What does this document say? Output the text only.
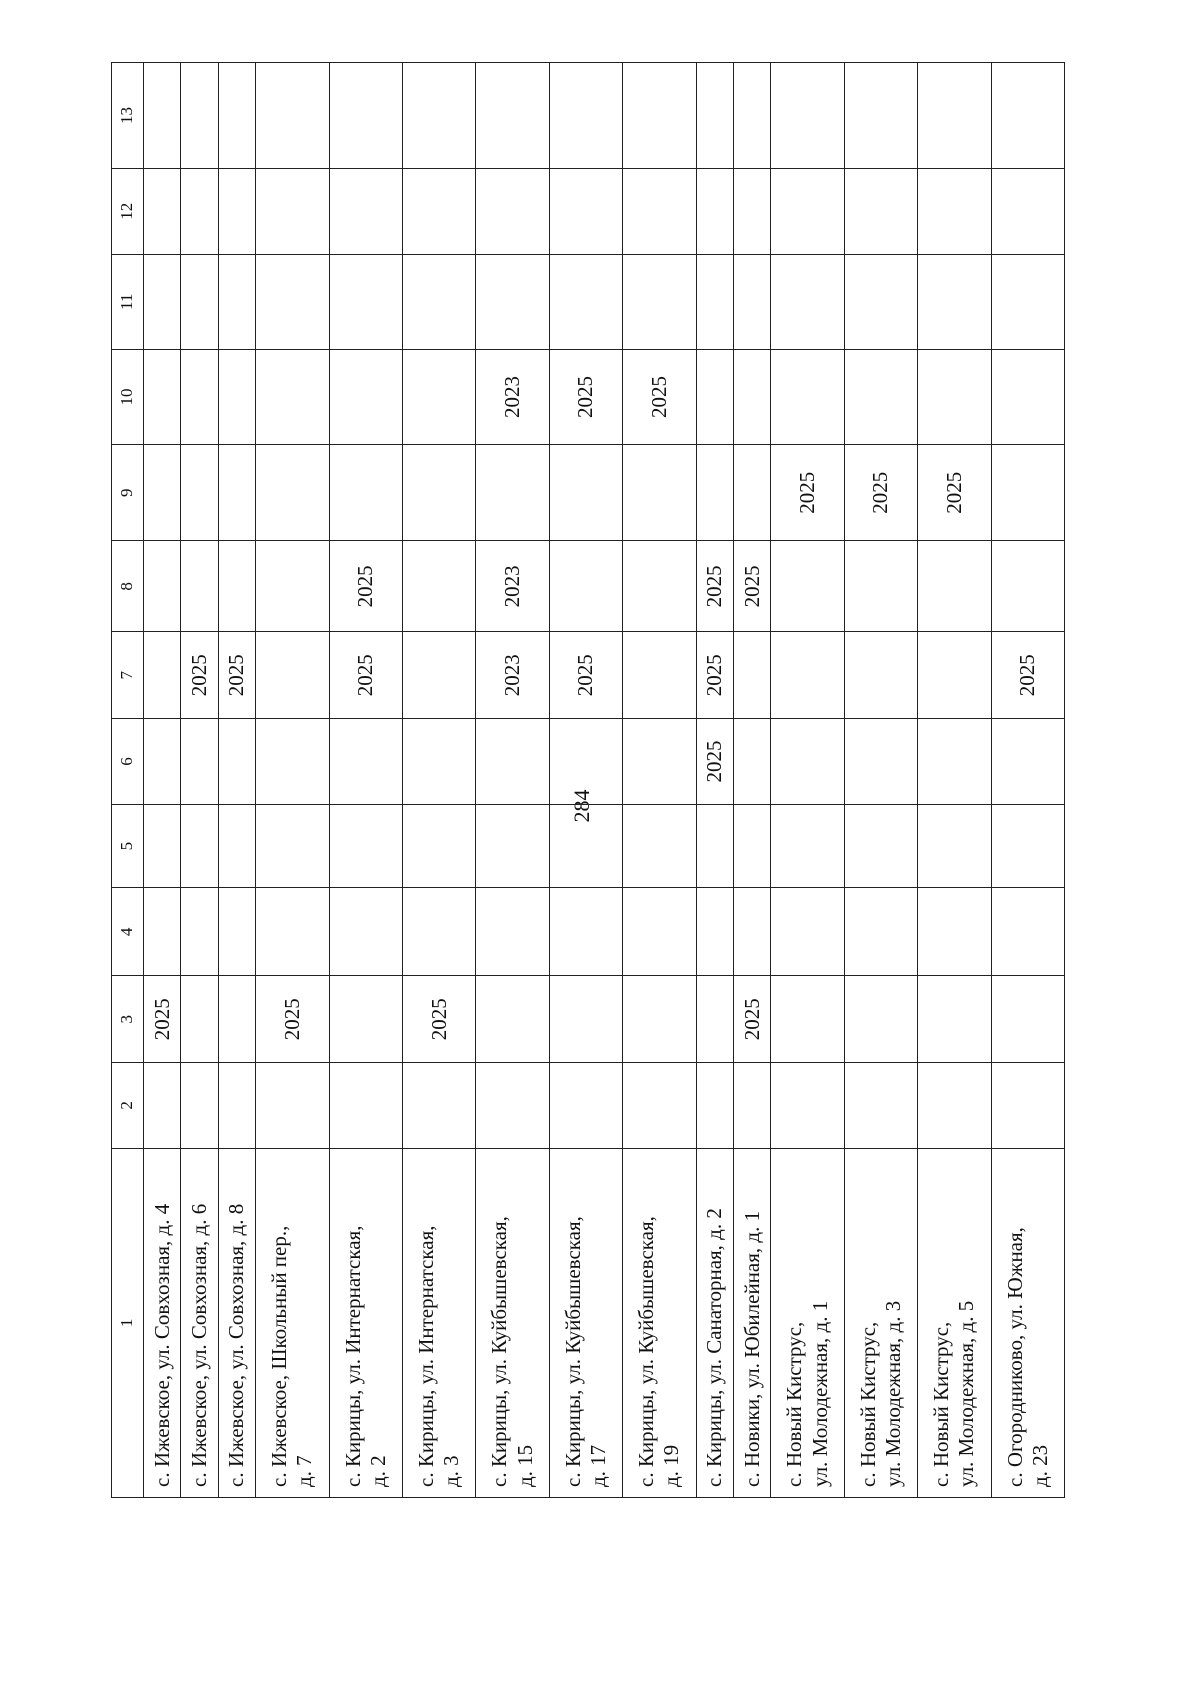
284
1	2	3	4	5	6	7	8	9	10	11	12	13

с. Ижевское, ул. Совхозная, д. 4		2025										

с. Ижевское, ул. Совхозная, д. 6						2025						

с. Ижевское, ул. Совхозная, д. 8						2025						

с. Ижевское, Школьный пер., д. 7		2025										

с. Кирицы, ул. Интернатская, д. 2						2025	2025					

с. Кирицы, ул. Интернатская, д. 3		2025										

с. Кирицы, ул. Куйбышевская, д. 15						2023	2023		2023			

с. Кирицы, ул. Куйбышевская, д. 17						2025			2025			

с. Кирицы, ул. Куйбышевская, д. 19									2025			

с. Кирицы, ул. Санаторная, д. 2					2025	2025	2025					

с. Новики, ул. Юбилейная, д. 1		2025					2025					

с. Новый Киструс, ул. Молодежная, д. 1								2025				

с. Новый Киструс, ул. Молодежная, д. 3								2025				

с. Новый Киструс, ул. Молодежная, д. 5								2025				

с. Огородниково, ул. Южная, д. 23						2025						
